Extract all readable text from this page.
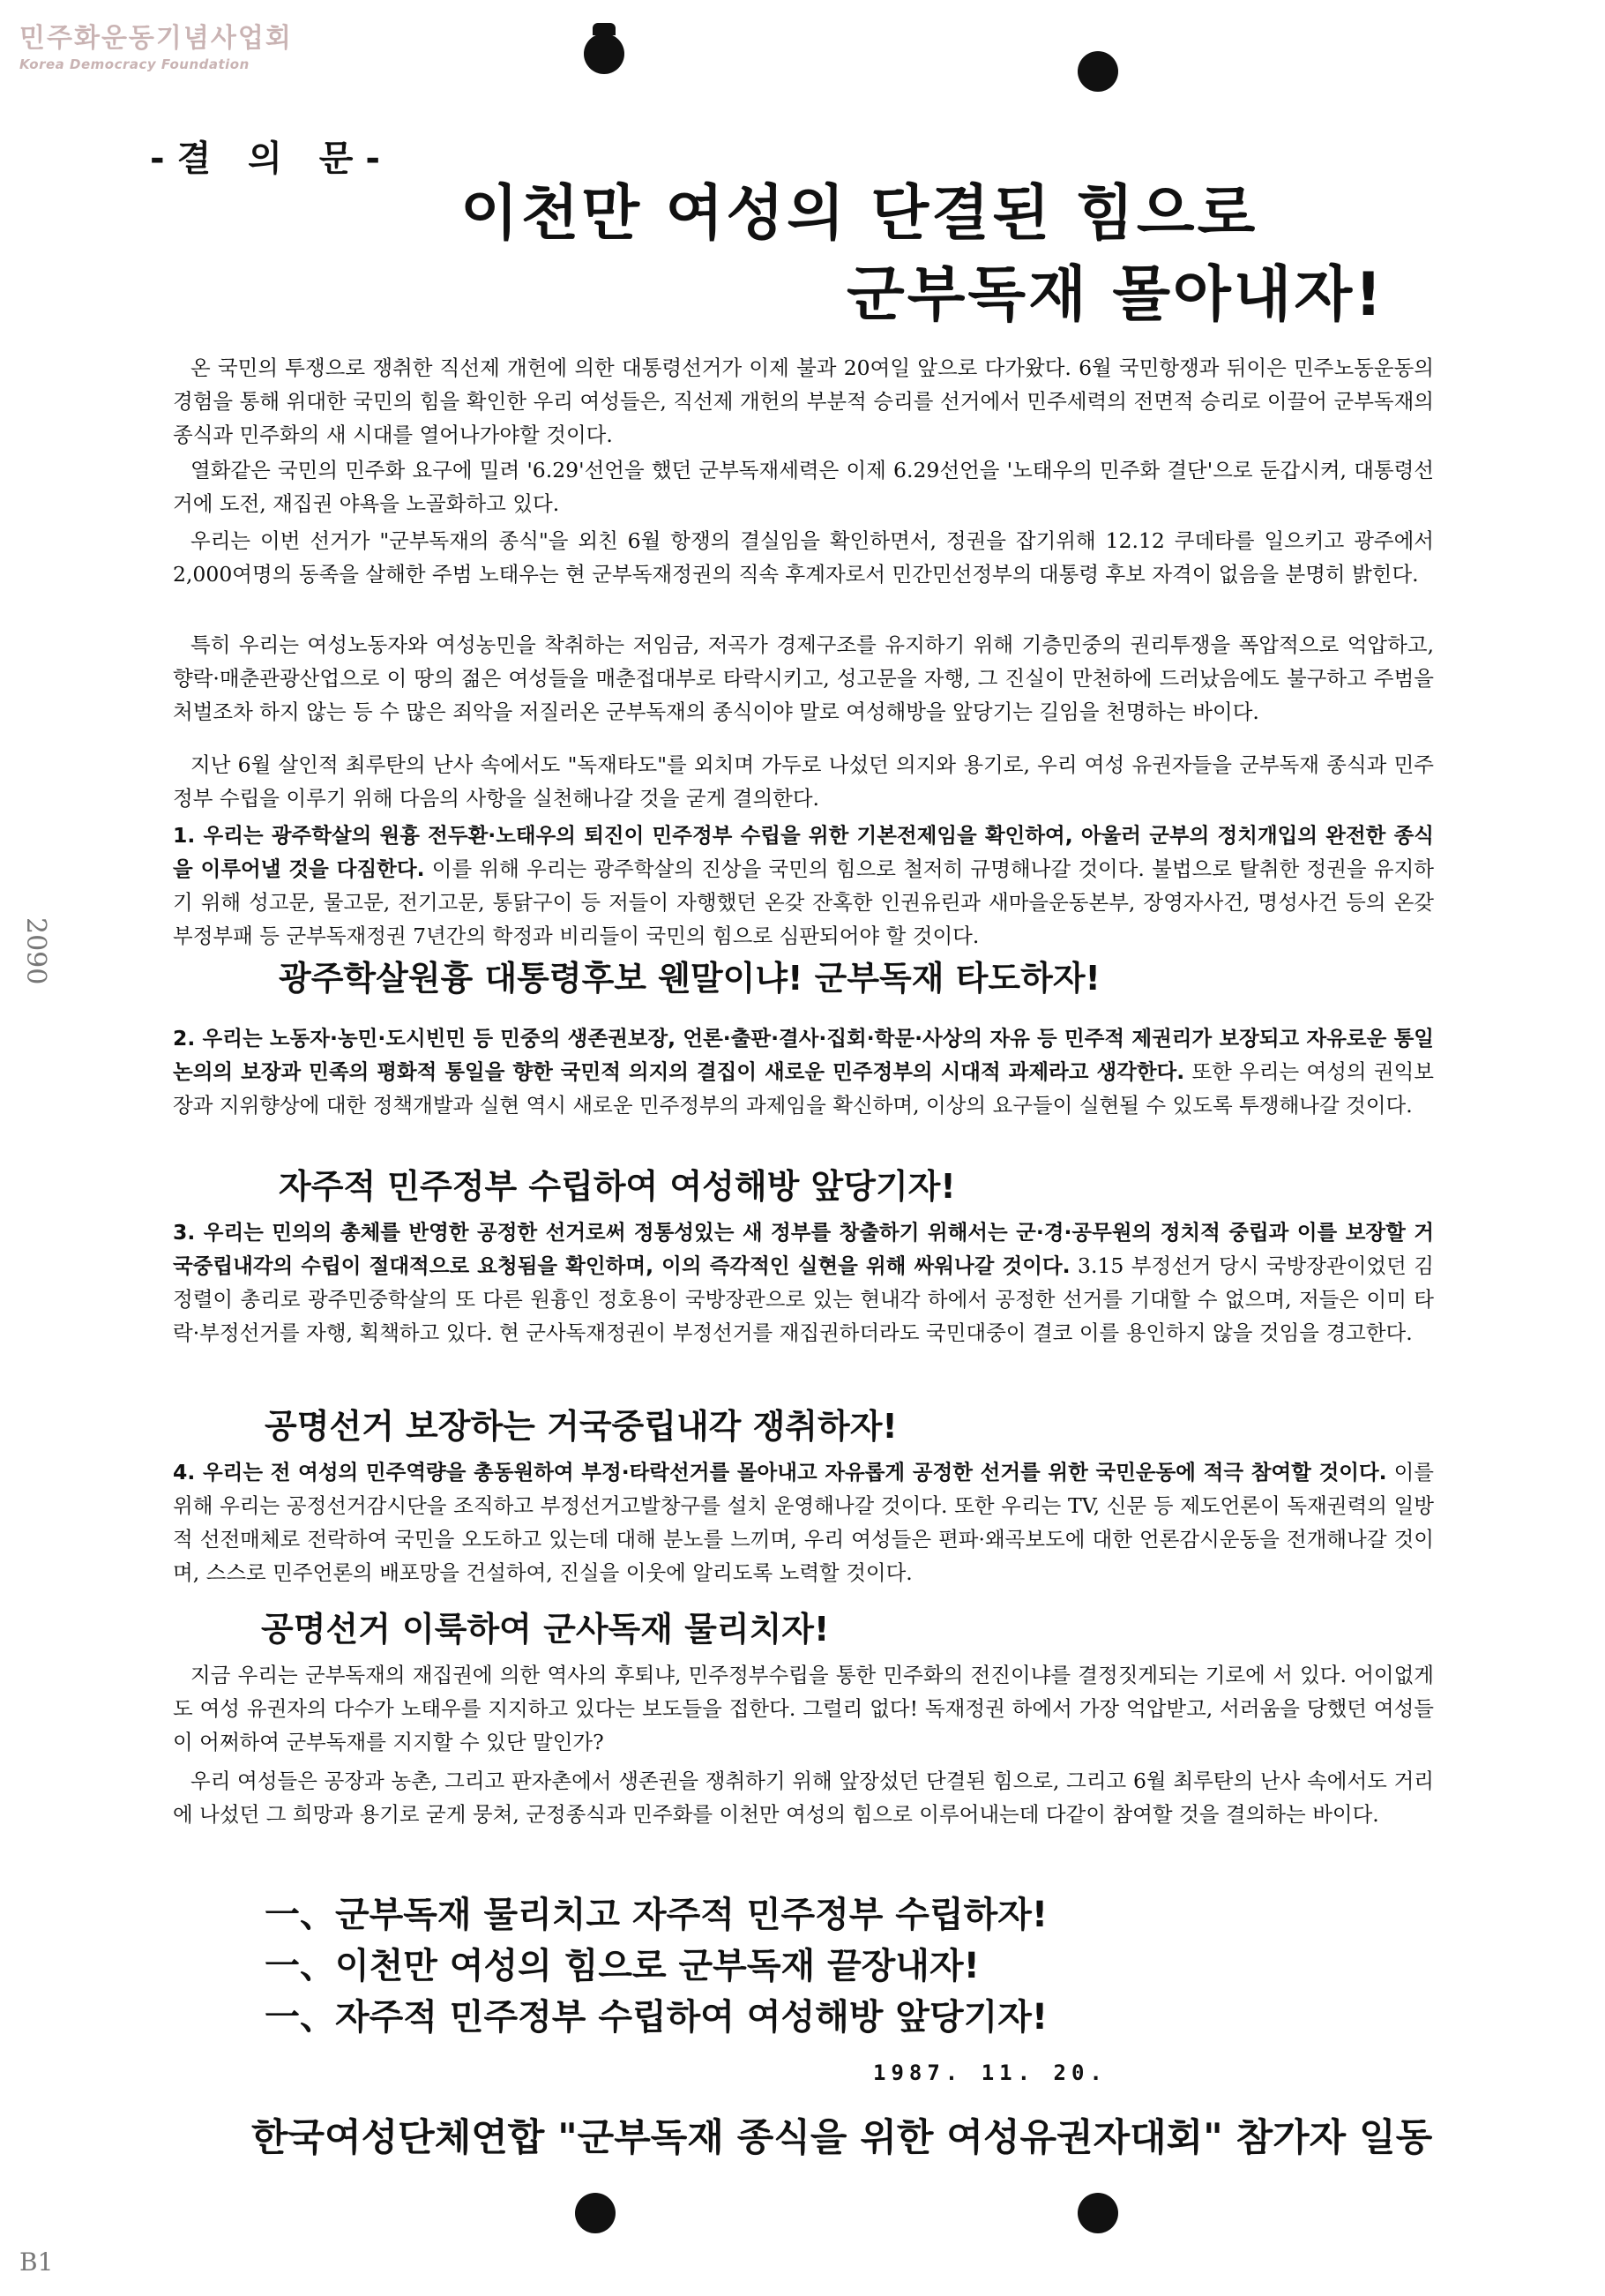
민주화운동기념사업회
Korea Democracy Foundation
-결 의 문-
이천만 여성의 단결된 힘으로
군부독재 몰아내자!
온 국민의 투쟁으로 쟁취한 직선제 개헌에 의한 대통령선거가 이제 불과 20여일 앞으로 다가왔다. 6월 국민항쟁과 뒤이은 민주노동운동의 경험을 통해 위대한 국민의 힘을 확인한 우리 여성들은, 직선제 개헌의 부분적 승리를 선거에서 민주세력의 전면적 승리로 이끌어 군부독재의 종식과 민주화의 새 시대를 열어나가야할 것이다.
열화같은 국민의 민주화 요구에 밀려 '6.29'선언을 했던 군부독재세력은 이제 6.29선언을 '노태우의 민주화 결단'으로 둔갑시켜, 대통령선거에 도전, 재집권 야욕을 노골화하고 있다.
우리는 이번 선거가 "군부독재의 종식"을 외친 6월 항쟁의 결실임을 확인하면서, 정권을 잡기위해 12.12 쿠데타를 일으키고 광주에서 2,000여명의 동족을 살해한 주범 노태우는 현 군부독재정권의 직속 후계자로서 민간민선정부의 대통령 후보 자격이 없음을 분명히 밝힌다.
특히 우리는 여성노동자와 여성농민을 착취하는 저임금, 저곡가 경제구조를 유지하기 위해 기층민중의 권리투쟁을 폭압적으로 억압하고, 향락·매춘관광산업으로 이 땅의 젊은 여성들을 매춘접대부로 타락시키고, 성고문을 자행, 그 진실이 만천하에 드러났음에도 불구하고 주범을 처벌조차 하지 않는 등 수 많은 죄악을 저질러온 군부독재의 종식이야 말로 여성해방을 앞당기는 길임을 천명하는 바이다.
지난 6월 살인적 최루탄의 난사 속에서도 "독재타도"를 외치며 가두로 나섰던 의지와 용기로, 우리 여성 유권자들을 군부독재 종식과 민주정부 수립을 이루기 위해 다음의 사항을 실천해나갈 것을 굳게 결의한다.
1. 우리는 광주학살의 원흉 전두환·노태우의 퇴진이 민주정부 수립을 위한 기본전제임을 확인하여, 아울러 군부의 정치개입의 완전한 종식을 이루어낼 것을 다짐한다. 이를 위해 우리는 광주학살의 진상을 국민의 힘으로 철저히 규명해나갈 것이다. 불법으로 탈취한 정권을 유지하기 위해 성고문, 물고문, 전기고문, 통닭구이 등 저들이 자행했던 온갖 잔혹한 인권유린과 새마을운동본부, 장영자사건, 명성사건 등의 온갖 부정부패 등 군부독재정권 7년간의 학정과 비리들이 국민의 힘으로 심판되어야 할 것이다.
광주학살원흉 대통령후보 웬말이냐! 군부독재 타도하자!
2. 우리는 노동자·농민·도시빈민 등 민중의 생존권보장, 언론·출판·결사·집회·학문·사상의 자유 등 민주적 제권리가 보장되고 자유로운 통일논의의 보장과 민족의 평화적 통일을 향한 국민적 의지의 결집이 새로운 민주정부의 시대적 과제라고 생각한다. 또한 우리는 여성의 권익보장과 지위향상에 대한 정책개발과 실현 역시 새로운 민주정부의 과제임을 확신하며, 이상의 요구들이 실현될 수 있도록 투쟁해나갈 것이다.
자주적 민주정부 수립하여 여성해방 앞당기자!
3. 우리는 민의의 총체를 반영한 공정한 선거로써 정통성있는 새 정부를 창출하기 위해서는 군·경·공무원의 정치적 중립과 이를 보장할 거국중립내각의 수립이 절대적으로 요청됨을 확인하며, 이의 즉각적인 실현을 위해 싸워나갈 것이다. 3.15 부정선거 당시 국방장관이었던 김정렬이 총리로 광주민중학살의 또 다른 원흉인 정호용이 국방장관으로 있는 현내각 하에서 공정한 선거를 기대할 수 없으며, 저들은 이미 타락·부정선거를 자행, 획책하고 있다. 현 군사독재정권이 부정선거를 재집권하더라도 국민대중이 결코 이를 용인하지 않을 것임을 경고한다.
공명선거 보장하는 거국중립내각 쟁취하자!
4. 우리는 전 여성의 민주역량을 총동원하여 부정·타락선거를 몰아내고 자유롭게 공정한 선거를 위한 국민운동에 적극 참여할 것이다. 이를 위해 우리는 공정선거감시단을 조직하고 부정선거고발창구를 설치 운영해나갈 것이다. 또한 우리는 TV, 신문 등 제도언론이 독재권력의 일방적 선전매체로 전락하여 국민을 오도하고 있는데 대해 분노를 느끼며, 우리 여성들은 편파·왜곡보도에 대한 언론감시운동을 전개해나갈 것이며, 스스로 민주언론의 배포망을 건설하여, 진실을 이웃에 알리도록 노력할 것이다.
공명선거 이룩하여 군사독재 물리치자!
지금 우리는 군부독재의 재집권에 의한 역사의 후퇴냐, 민주정부수립을 통한 민주화의 전진이냐를 결정짓게되는 기로에 서 있다. 어이없게도 여성 유권자의 다수가 노태우를 지지하고 있다는 보도들을 접한다. 그럴리 없다! 독재정권 하에서 가장 억압받고, 서러움을 당했던 여성들이 어쩌하여 군부독재를 지지할 수 있단 말인가?
우리 여성들은 공장과 농촌, 그리고 판자촌에서 생존권을 쟁취하기 위해 앞장섰던 단결된 힘으로, 그리고 6월 최루탄의 난사 속에서도 거리에 나섰던 그 희망과 용기로 굳게 뭉쳐, 군정종식과 민주화를 이천만 여성의 힘으로 이루어내는데 다같이 참여할 것을 결의하는 바이다.
一、군부독재 물리치고 자주적 민주정부 수립하자!
一、이천만 여성의 힘으로 군부독재 끝장내자!
一、자주적 민주정부 수립하여 여성해방 앞당기자!
1987. 11. 20.
한국여성단체연합 "군부독재 종식을 위한 여성유권자대회" 참가자 일동
2090
B1
